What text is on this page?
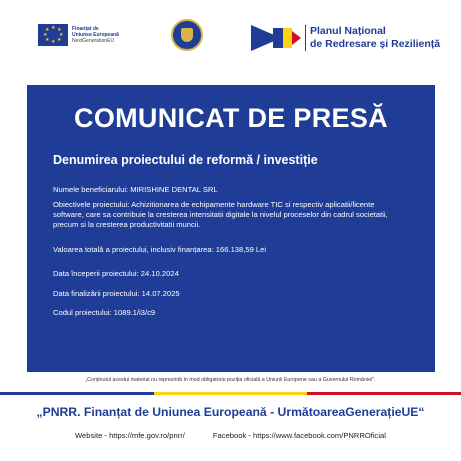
★ ★
★
★
★
★
★
★	Finanțat de
Uniunea Europeană
NextGenerationEU
Planul Național
de Redresare și Reziliență
COMUNICAT DE PRESĂ
Denumirea proiectului de reformă / investiție
Numele beneficiarului: MIRISHINE DENTAL SRL
Obiectivele proiectului: Achizitionarea de echipamente hardware TIC si respectiv aplicatii/licente software, care sa contribuie la cresterea intensitatii digitale la nivelul proceselor din cadrul societatii, precum si la cresterea productivitatii muncii.
Valoarea totală a proiectului, inclusiv finanțarea: 166.138,59 Lei
Data începerii proiectului: 24.10.2024
Data finalizării proiectului: 14.07.2025
Codul proiectului: 1089.1/i3/c9
„Conținutul acestui material nu reprezintă în mod obligatoriu poziția oficială a Uniunii Europene sau a Guvernului României".
„PNRR. Finanțat de Uniunea Europeană - UrmătoareaGenerațieUE“
Website - https://mfe.gov.ro/pnrr/	Facebook - https://www.facebook.com/PNRROficial
